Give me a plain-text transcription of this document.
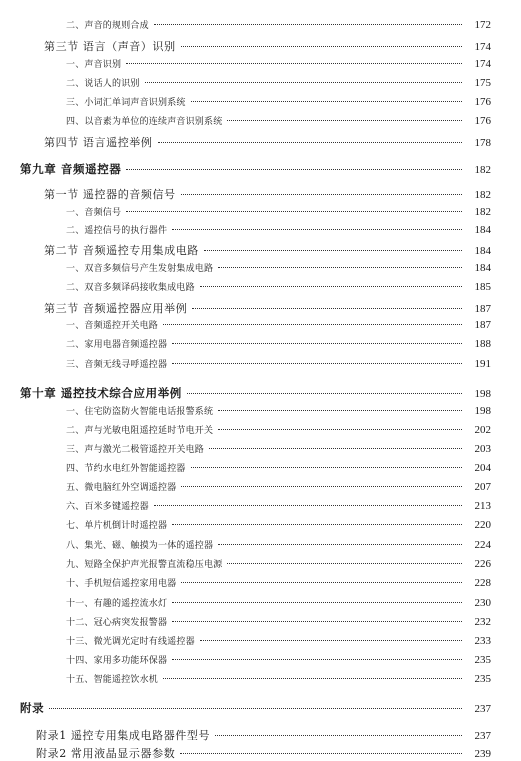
二、声音的规则合成	172
第三节 语言（声音）识别	174
一、声音识别	174
二、说话人的识别	175
三、小词汇单词声音识别系统	176
四、以音素为单位的连续声音识别系统	176
第四节 语言遥控举例	178
第九章 音频遥控器	182
第一节 遥控器的音频信号	182
一、音频信号	182
二、遥控信号的执行器件	184
第二节 音频遥控专用集成电路	184
一、双音多频信号产生发射集成电路	184
二、双音多频译码接收集成电路	185
第三节 音频遥控器应用举例	187
一、音频遥控开关电路	187
二、家用电器音频遥控器	188
三、音频无线寻呼遥控器	191
第十章 遥控技术综合应用举例	198
一、住宅防盗防火智能电话报警系统	198
二、声与光敏电阻遥控延时节电开关	202
三、声与激光二极管遥控开关电路	203
四、节约水电红外智能遥控器	204
五、微电脑红外空调遥控器	207
六、百米多键遥控器	213
七、单片机倒计时遥控器	220
八、集光、磁、触摸为一体的遥控器	224
九、短路全保护声光报警直流稳压电源	226
十、手机短信遥控家用电器	228
十一、有趣的遥控流水灯	230
十二、冠心病突发报警器	232
十三、微光调光定时有线遥控器	233
十四、家用多功能环保器	235
十五、智能遥控饮水机	235
附录	237
附录1 遥控专用集成电路器件型号	237
附录2 常用液晶显示器参数	239
